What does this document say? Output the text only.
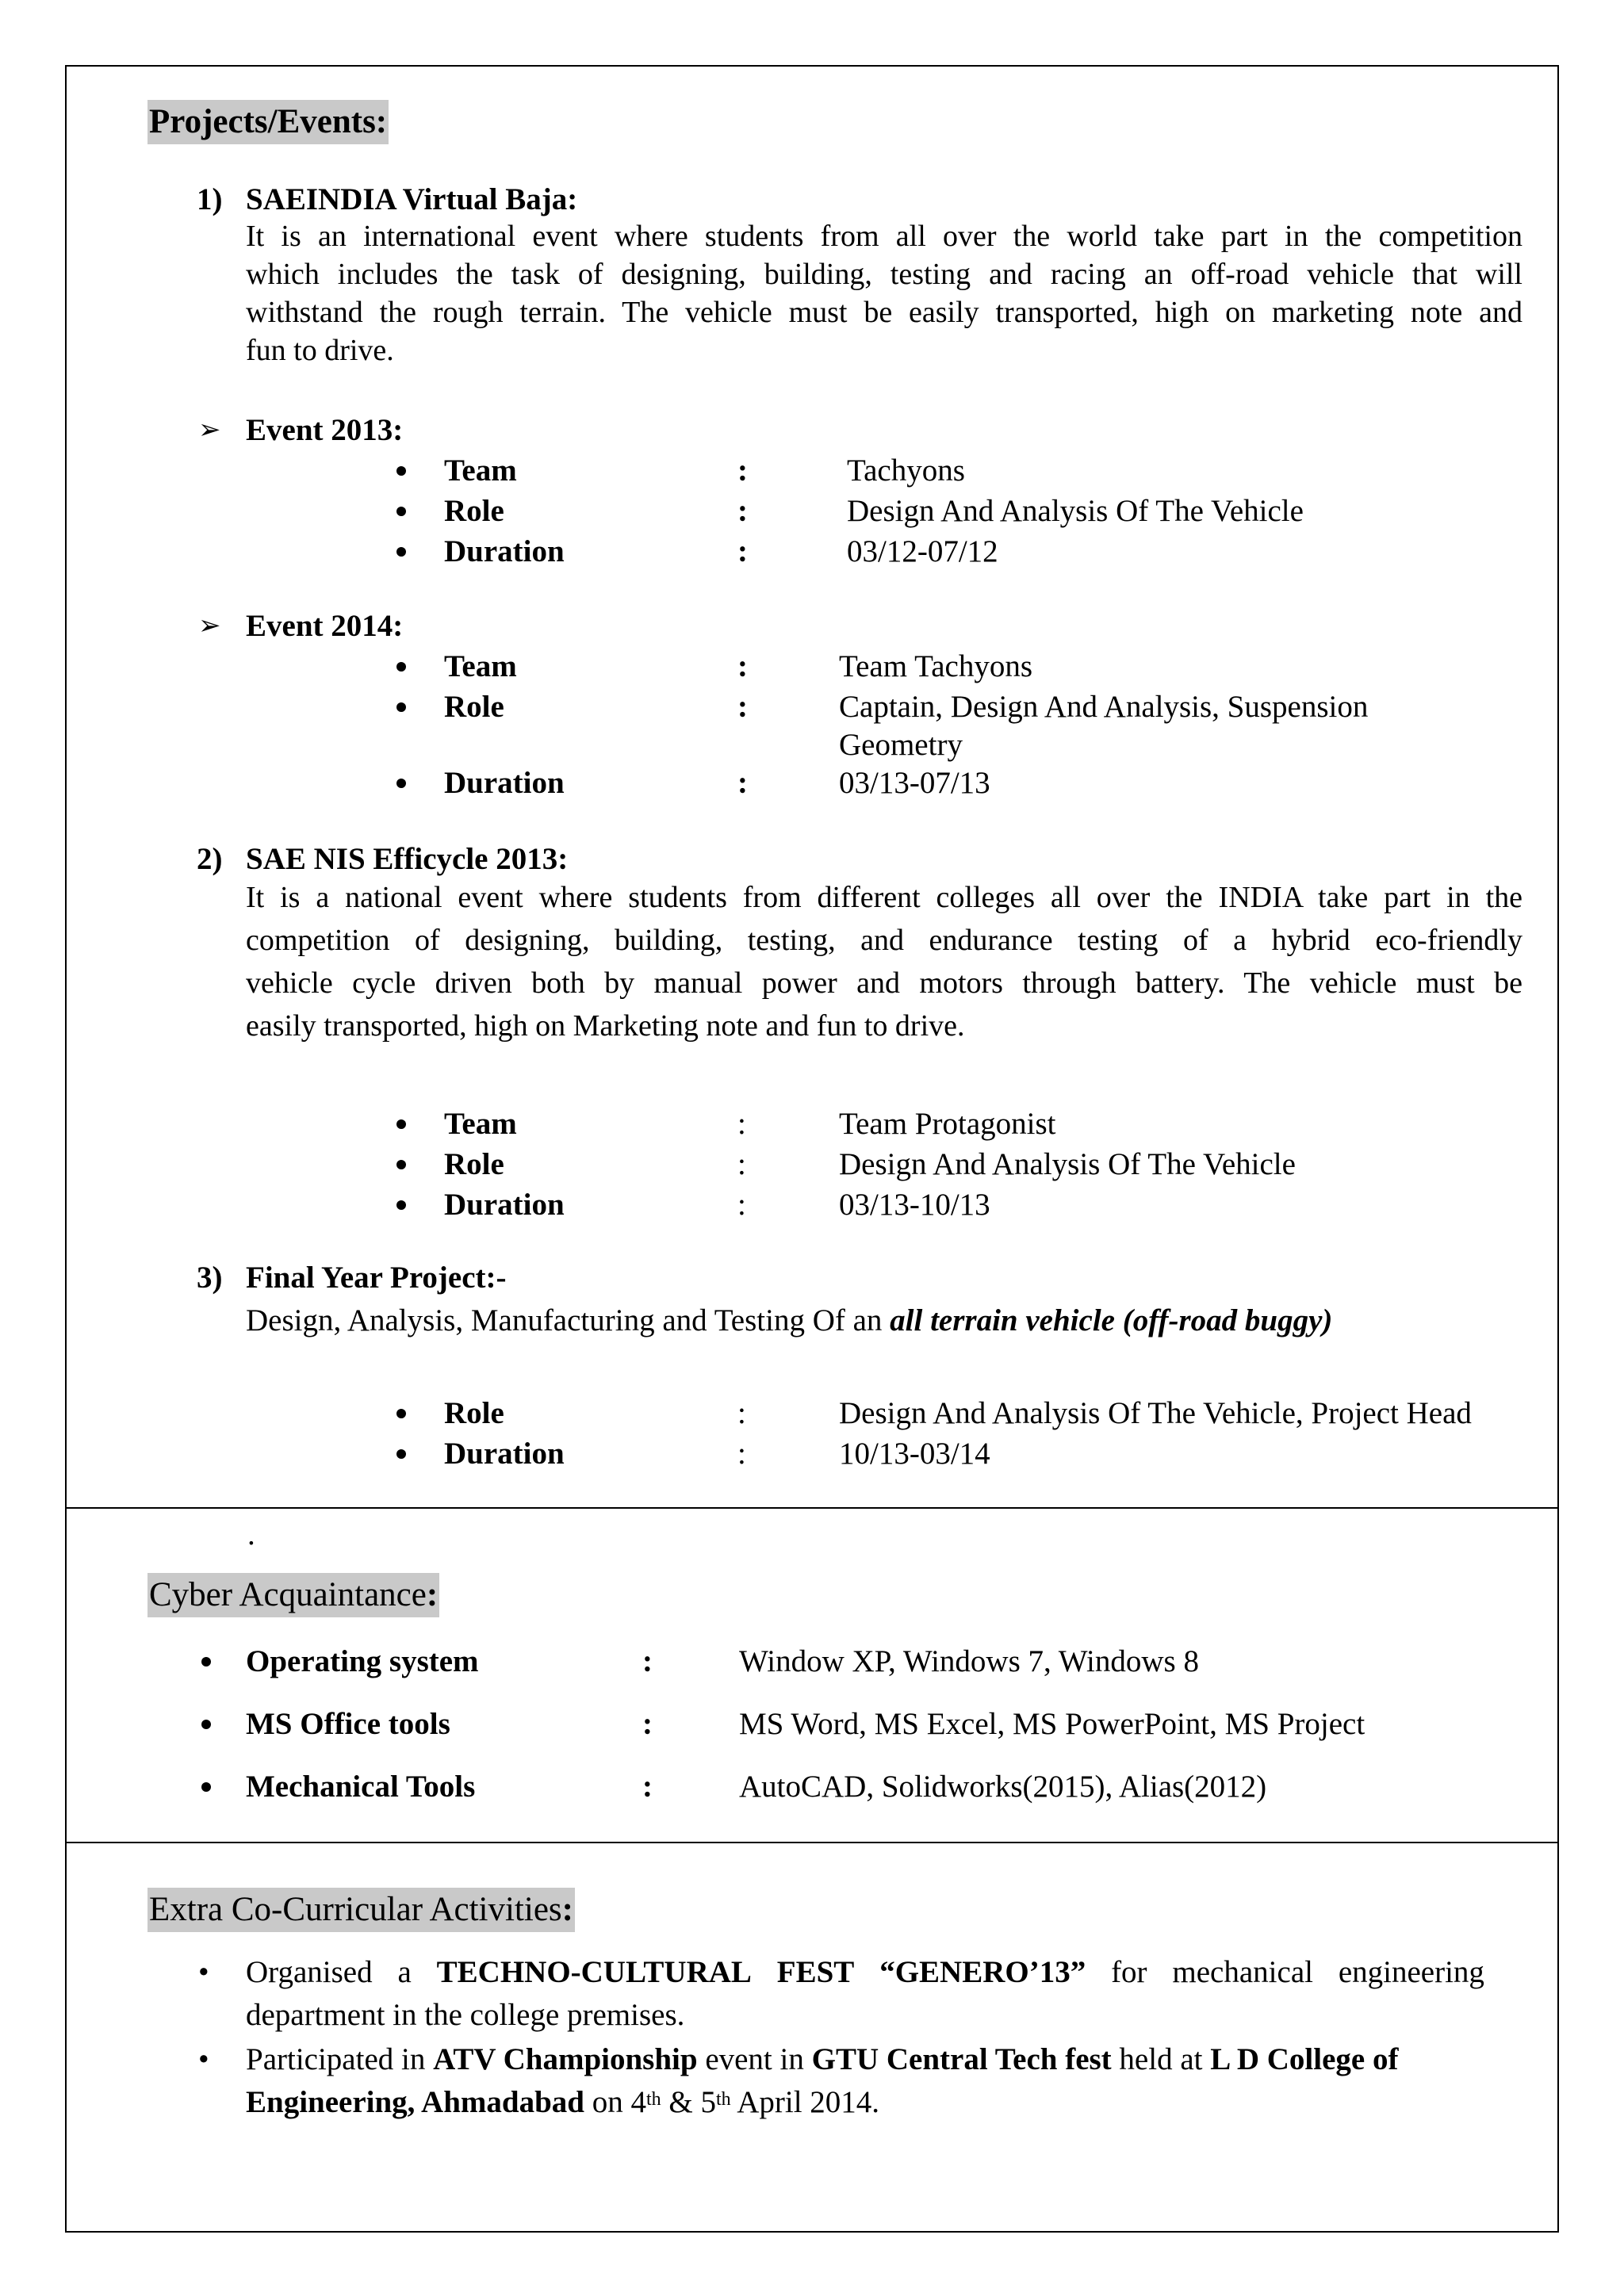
Projects/Events:
1) SAEINDIA Virtual Baja:
It is an international event where students from all over the world take part in the competition
which includes the task of designing, building, testing and racing an off-road vehicle that will
withstand the rough terrain. The vehicle must be easily transported, high on marketing note and
fun to drive.
➢ Event 2013:
Team	:	Tachyons
Role	:	Design And Analysis Of The Vehicle
Duration	:	03/12-07/12
➢ Event 2014:
Team	:	Team Tachyons
Role	:	Captain, Design And Analysis, Suspension
Geometry
Duration	:	03/13-07/13
2) SAE NIS Efficycle 2013:
It is a national event where students from different colleges all over the INDIA take part in the
competition of designing, building, testing, and endurance testing of a hybrid eco-friendly
vehicle cycle driven both by manual power and motors through battery. The vehicle must be
easily transported, high on Marketing note and fun to drive.
Team	:	Team Protagonist
Role	:	Design And Analysis Of The Vehicle
Duration	:	03/13-10/13
3) Final Year Project:-
Design, Analysis, Manufacturing and Testing Of an all terrain vehicle (off-road buggy)
Role	:	Design And Analysis Of The Vehicle, Project Head
Duration	:	10/13-03/14
.
Cyber Acquaintance:
Operating system	:	Window XP, Windows 7, Windows 8
MS Office tools	:	MS Word, MS Excel, MS PowerPoint, MS Project
Mechanical Tools	:	AutoCAD, Solidworks(2015), Alias(2012)
Extra Co-Curricular Activities:
• Organised a TECHNO-CULTURAL FEST “GENERO’13” for mechanical engineering
department in the college premises.
• Participated in ATV Championship event in GTU Central Tech fest held at L D College of
Engineering, Ahmadabad on 4th & 5th April 2014.
